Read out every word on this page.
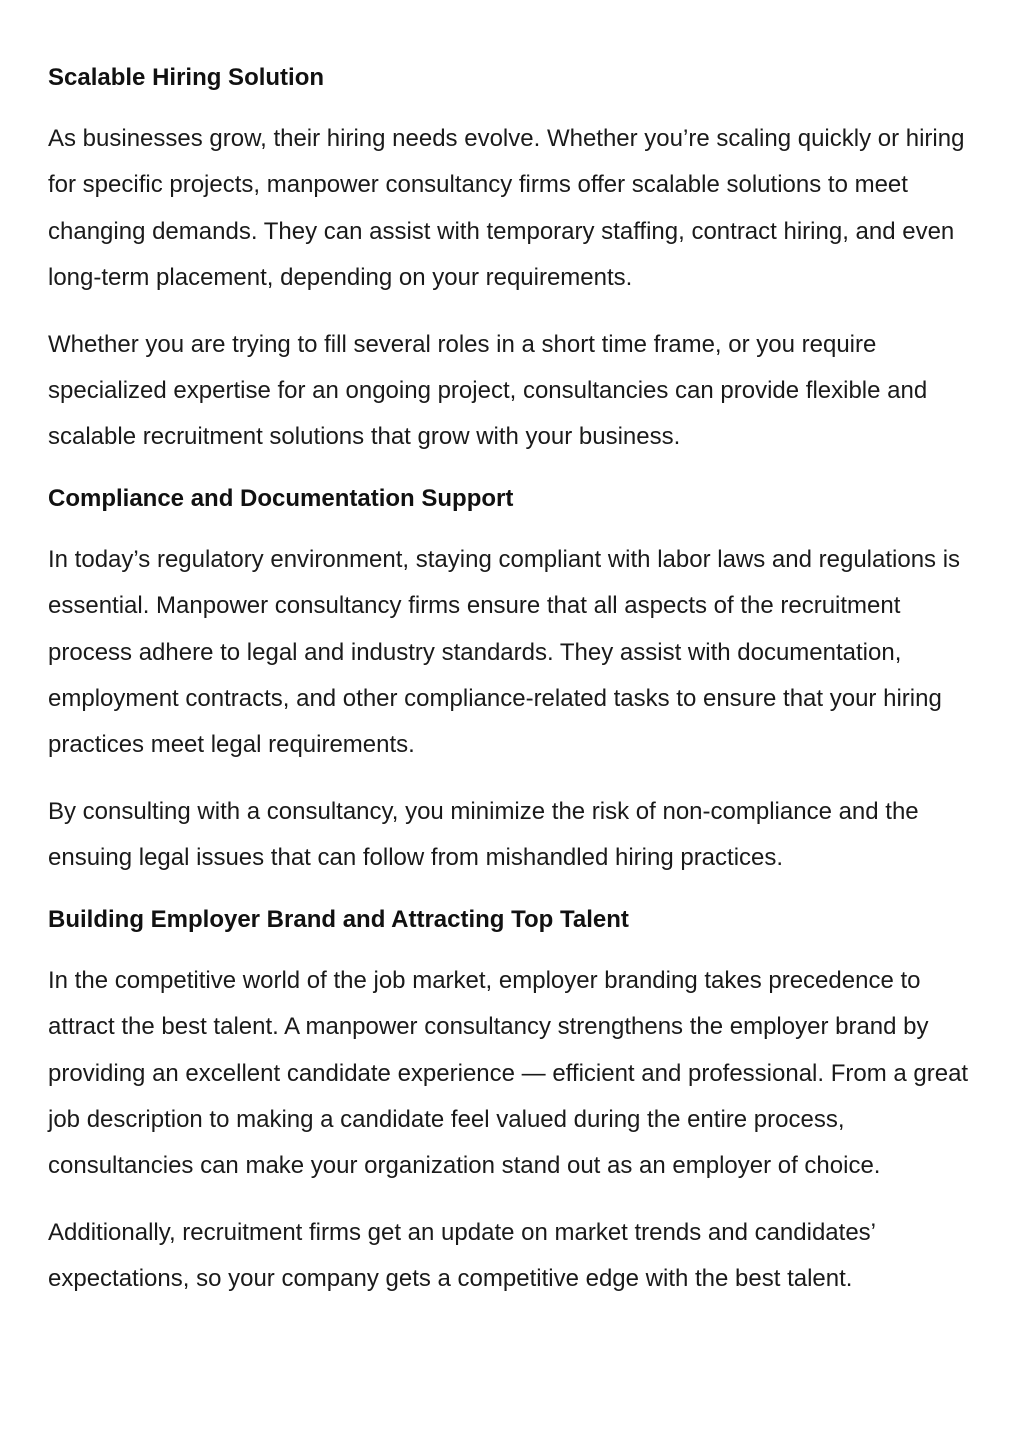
Scalable Hiring Solution

As businesses grow, their hiring needs evolve. Whether you’re scaling quickly or hiring for specific projects, manpower consultancy firms offer scalable solutions to meet changing demands. They can assist with temporary staffing, contract hiring, and even long-term placement, depending on your requirements.

Whether you are trying to fill several roles in a short time frame, or you require specialized expertise for an ongoing project, consultancies can provide flexible and scalable recruitment solutions that grow with your business.

Compliance and Documentation Support

In today’s regulatory environment, staying compliant with labor laws and regulations is essential. Manpower consultancy firms ensure that all aspects of the recruitment process adhere to legal and industry standards. They assist with documentation, employment contracts, and other compliance-related tasks to ensure that your hiring practices meet legal requirements.

By consulting with a consultancy, you minimize the risk of non-compliance and the ensuing legal issues that can follow from mishandled hiring practices.

Building Employer Brand and Attracting Top Talent

In the competitive world of the job market, employer branding takes precedence to attract the best talent. A manpower consultancy strengthens the employer brand by providing an excellent candidate experience — efficient and professional. From a great job description to making a candidate feel valued during the entire process, consultancies can make your organization stand out as an employer of choice.

Additionally, recruitment firms get an update on market trends and candidates’ expectations, so your company gets a competitive edge with the best talent.
